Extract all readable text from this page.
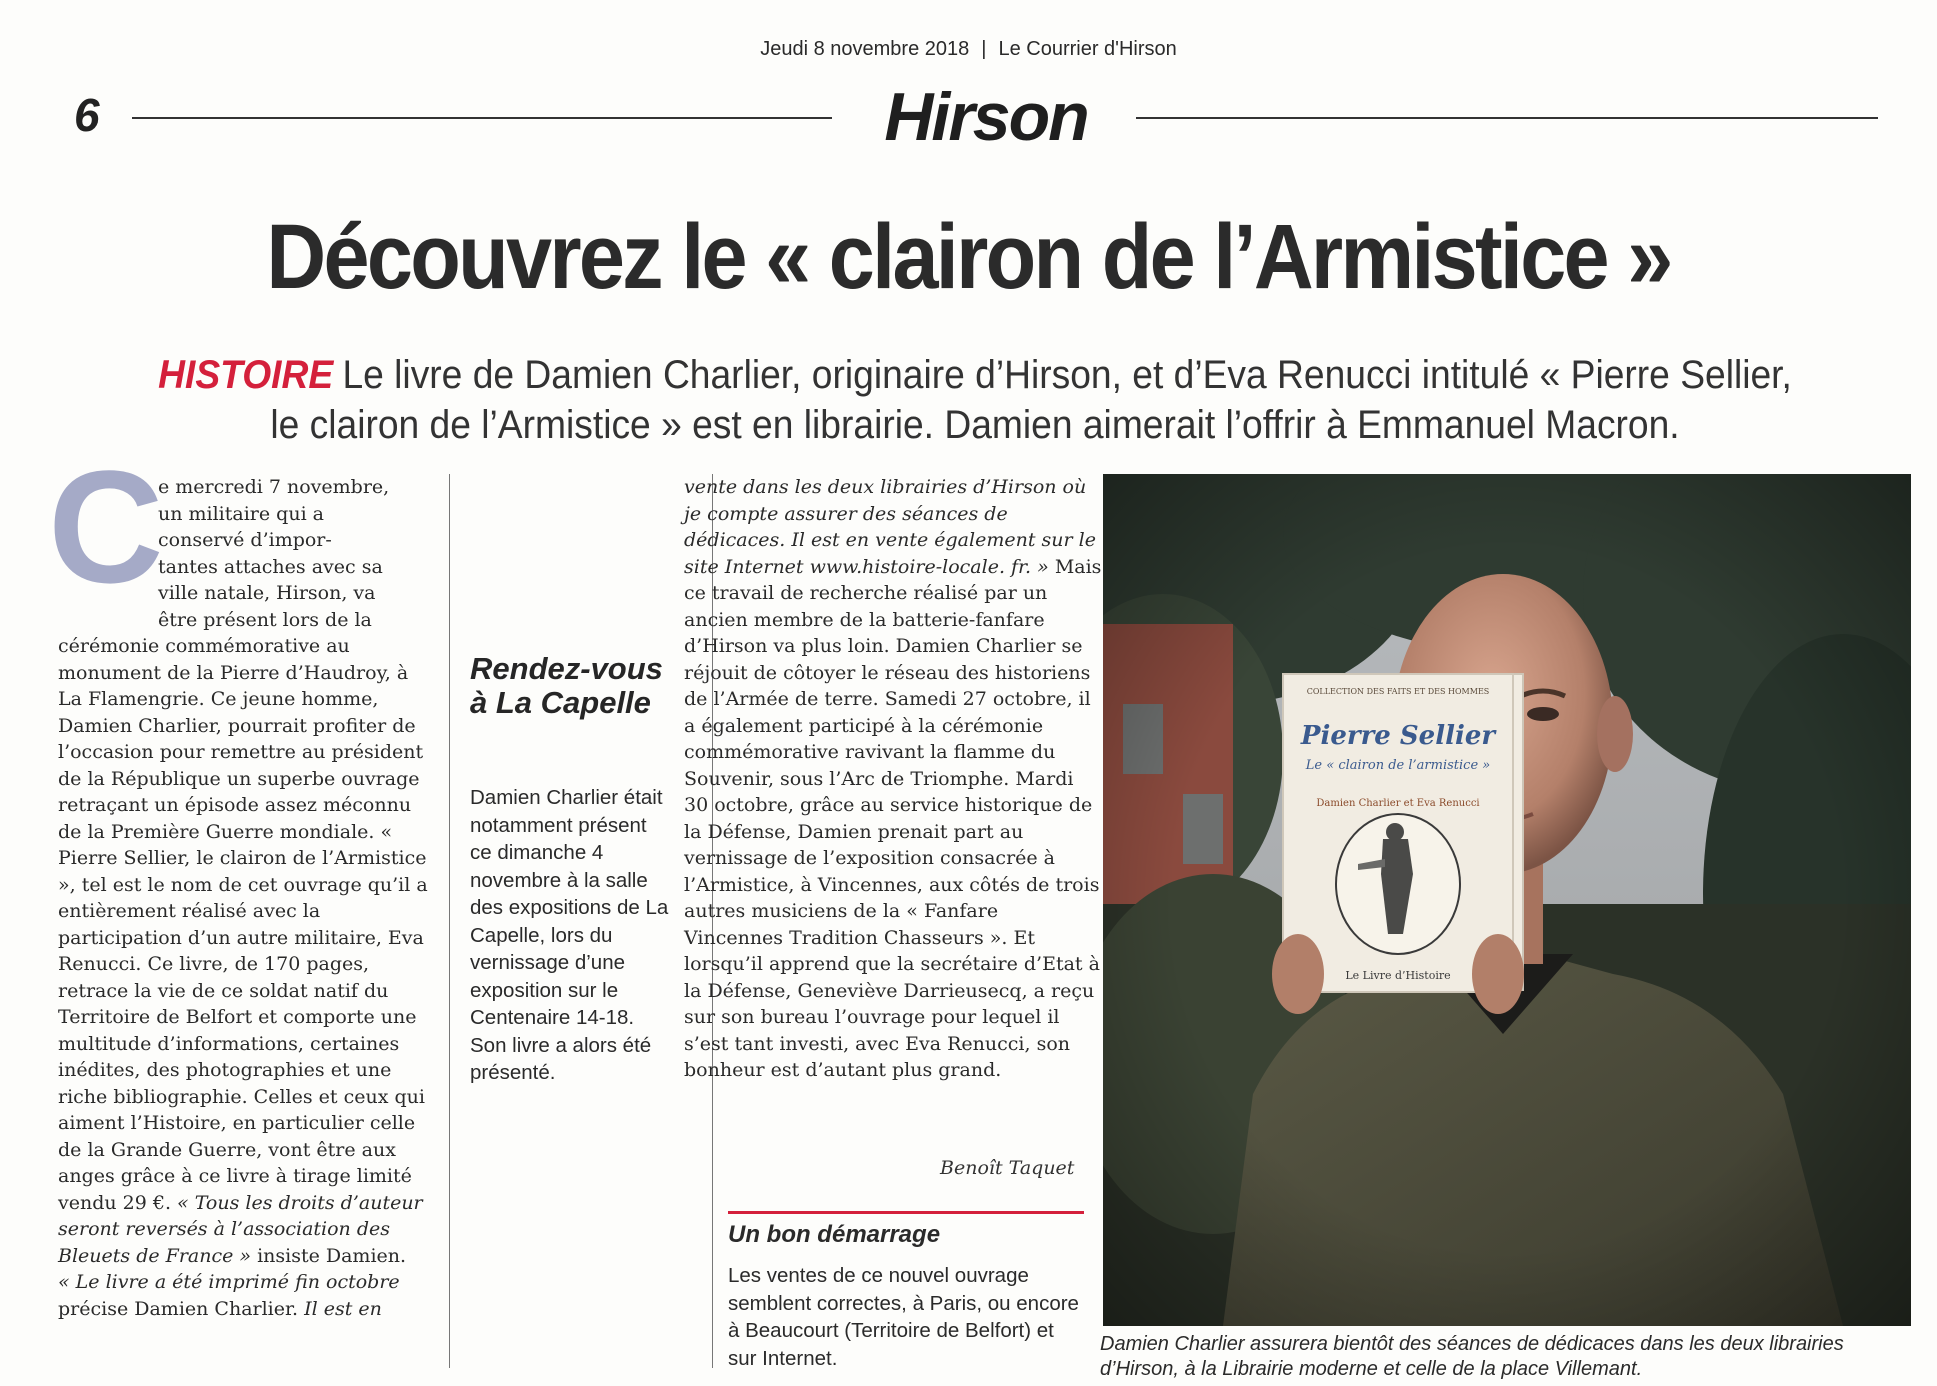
Jeudi 8 novembre 2018 | Le Courrier d'Hirson
6	Hirson
Découvrez le « clairon de l’Armistice »
HISTOIRE Le livre de Damien Charlier, originaire d’Hirson, et d’Eva Renucci intitulé « Pierre Sellier, le clairon de l’Armistice » est en librairie. Damien aimerait l’offrir à Emmanuel Macron.
C
e mercredi 7 novembre,
un militaire qui a
conservé d’impor-
tantes attaches avec sa
ville natale, Hirson, va
être présent lors de la

cérémonie commémorative au monument de la Pierre d’Haudroy, à La Flamengrie. Ce jeune homme, Damien Charlier, pourrait profiter de l’occasion pour remettre au président de la République un superbe ouvrage retraçant un épisode assez méconnu de la Première Guerre mondiale. « Pierre Sellier, le clairon de l’Armistice », tel est le nom de cet ouvrage qu’il a entièrement réalisé avec la participation d’un autre militaire, Eva Renucci. Ce livre, de 170 pages, retrace la vie de ce soldat natif du Territoire de Belfort et comporte une multitude d’informations, certaines inédites, des photographies et une riche bibliographie. Celles et ceux qui aiment l’Histoire, en particulier celle de la Grande Guerre, vont être aux anges grâce à ce livre à tirage limité vendu 29 €. « Tous les droits d’auteur seront reversés à l’association des Bleuets de France » insiste Damien.

« Le livre a été imprimé fin octobre
précise Damien Charlier. Il est en

Rendez-vous à La Capelle
Damien Charlier était notamment présent ce dimanche 4 novembre à la salle des expositions de La Capelle, lors du vernissage d’une exposition sur le Centenaire 14-18. Son livre a alors été présenté.

vente dans les deux librairies d’Hirson où je compte assurer des séances de dédicaces. Il est en vente également sur le site Internet www.histoire-locale. fr. » Mais ce travail de recherche réalisé par un ancien membre de la batterie-fanfare d’Hirson va plus loin. Damien Charlier se réjouit de côtoyer le réseau des historiens de l’Armée de terre. Samedi 27 octobre, il a également participé à la cérémonie commémorative ravivant la flamme du Souvenir, sous l’Arc de Triomphe. Mardi 30 octobre, grâce au service historique de la Défense, Damien prenait part au vernissage de l’exposition consacrée à l’Armistice, à Vincennes, aux côtés de trois autres musiciens de la « Fanfare Vincennes Tradition Chasseurs ». Et lorsqu’il apprend que la secrétaire d’Etat à la Défense, Geneviève Darrieusecq, a reçu sur son bureau l’ouvrage pour lequel il s’est tant investi, avec Eva Renucci, son bonheur est d’autant plus grand.

Benoît Taquet
Un bon démarrage
Les ventes de ce nouvel ouvrage semblent correctes, à Paris, ou encore à Beaucourt (Territoire de Belfort) et sur Internet.
Damien Charlier assurera bientôt des séances de dédicaces dans les deux librairies d’Hirson, à la Librairie moderne et celle de la place Villemant.
